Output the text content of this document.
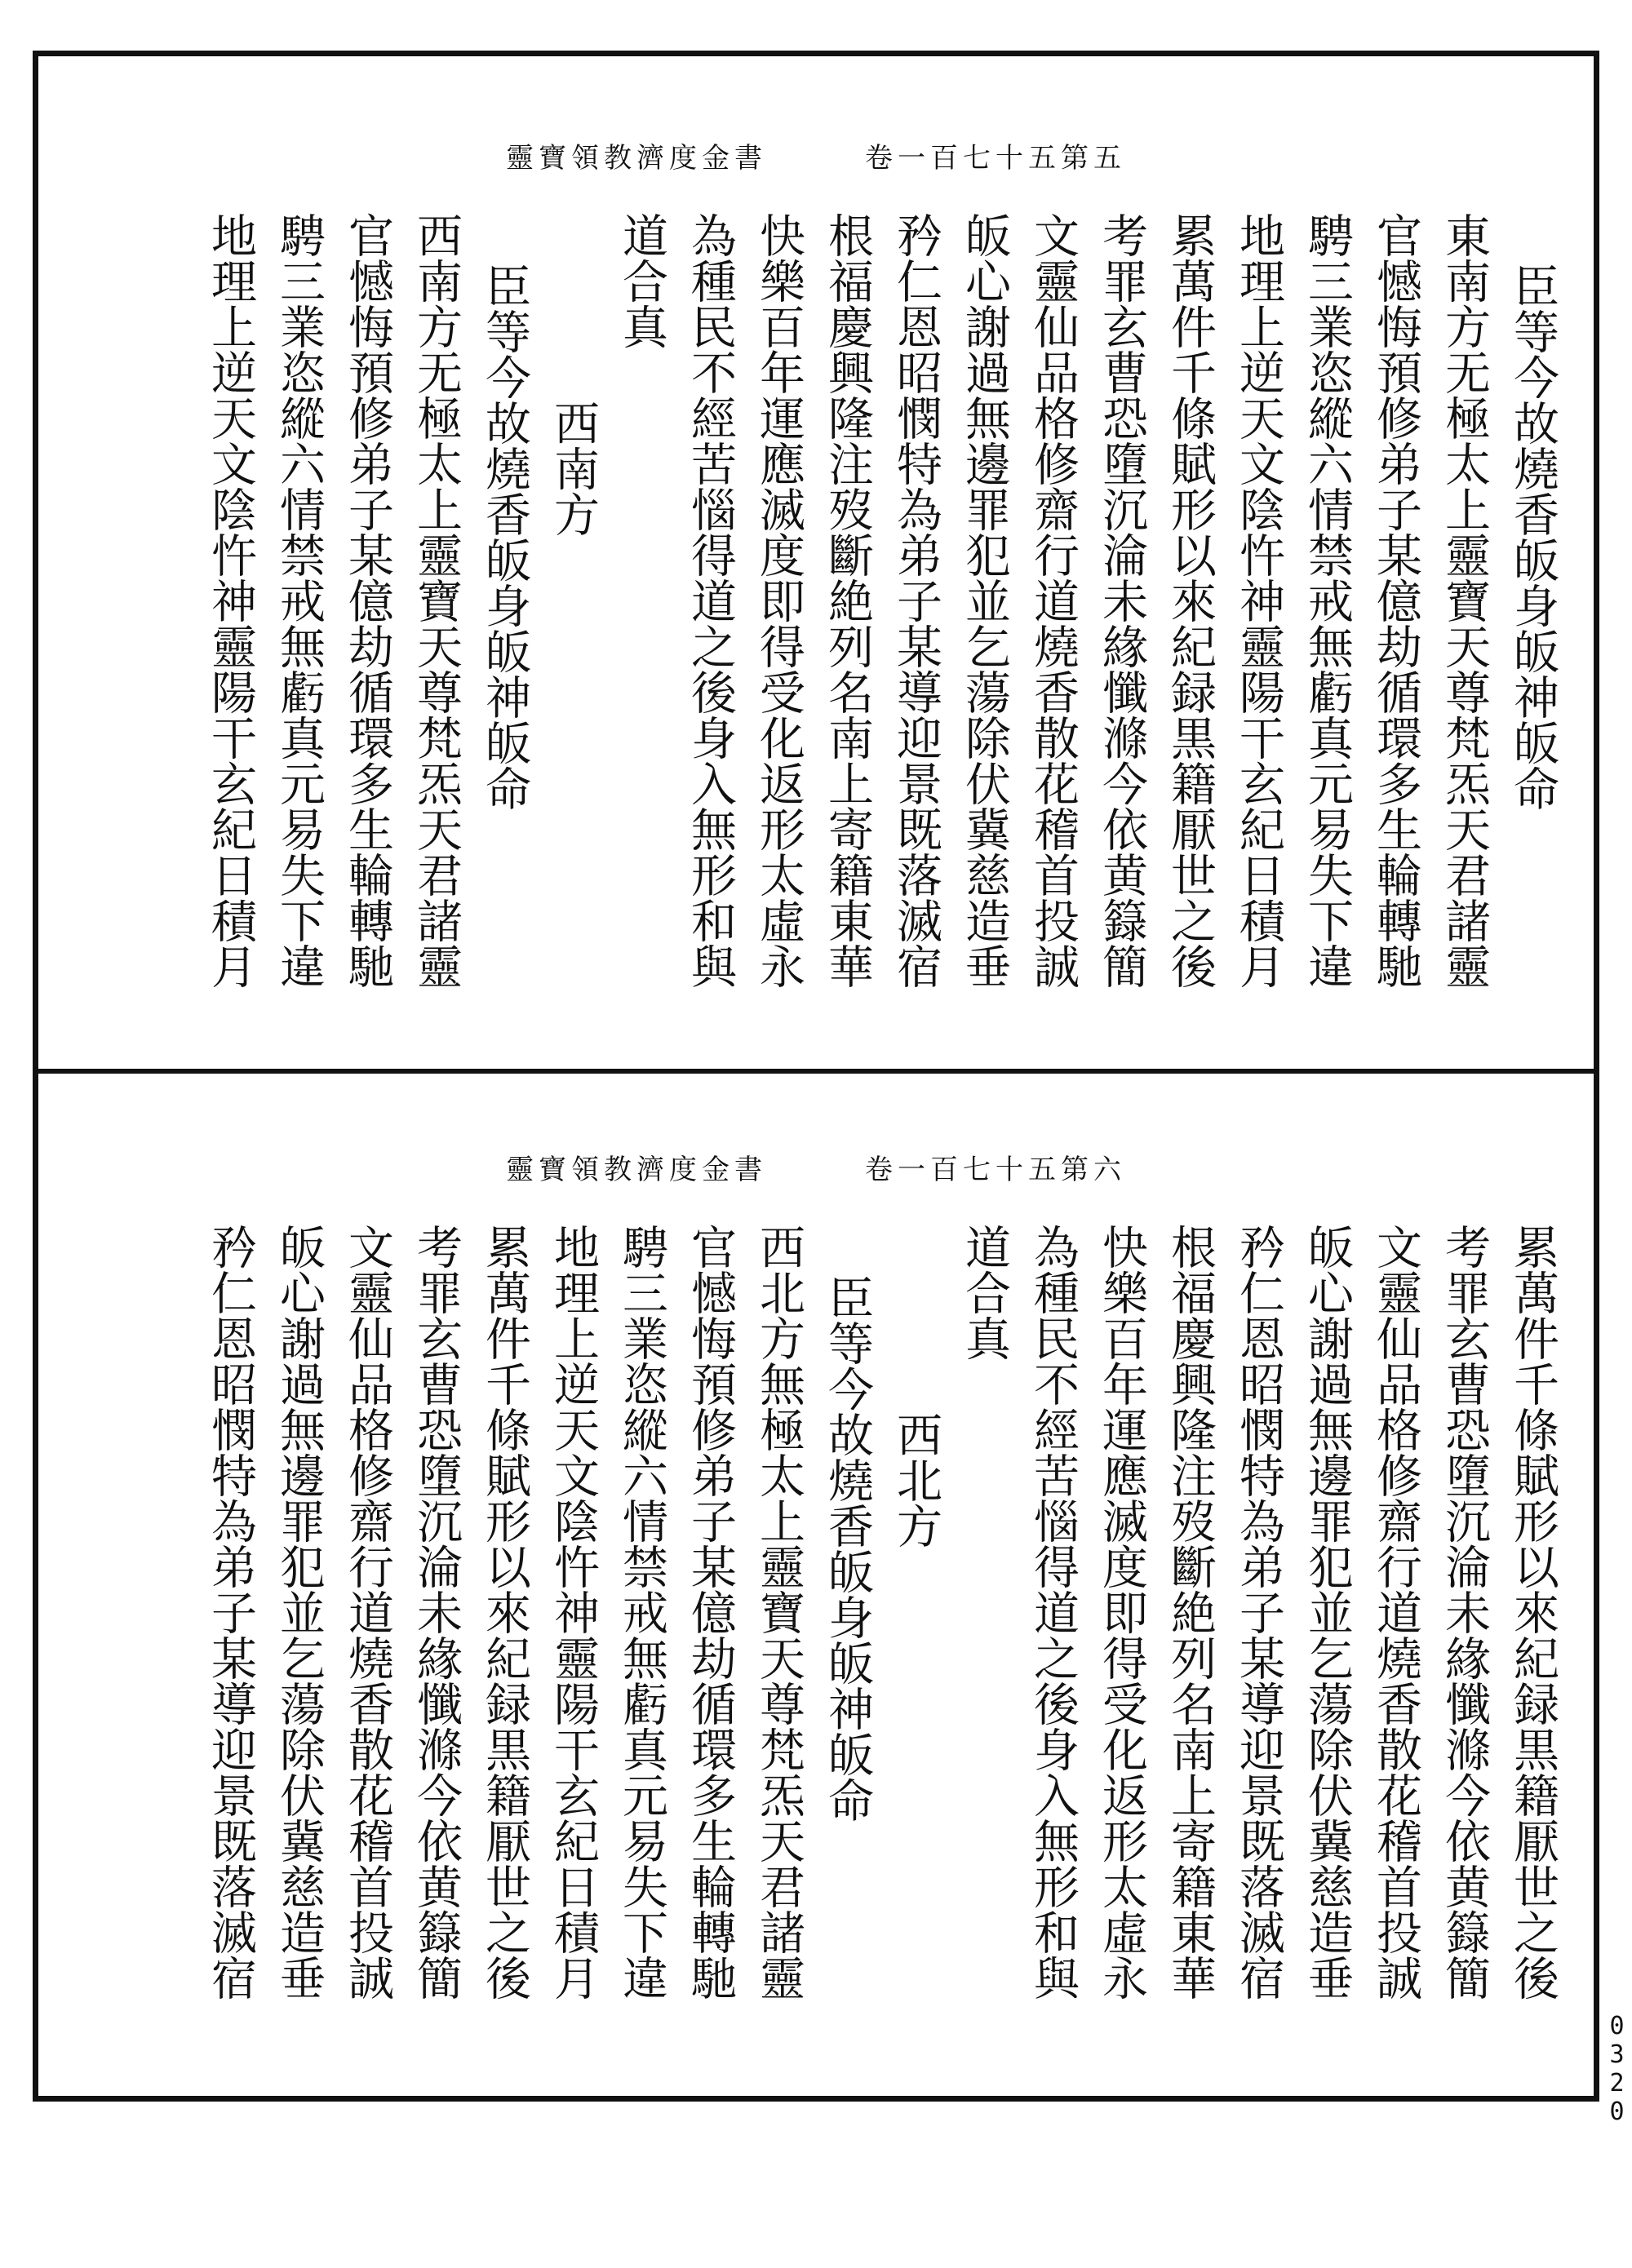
靈寶領教濟度金書	卷一百七十五第五
臣等今故燒香皈身皈神皈命
東南方无極太上靈寶天尊梵炁天君諸靈
官憾悔預修弟子某億劫循環多生輪轉馳
騁三業恣縱六情禁戒無虧真元易失下違
地理上逆天文陰忤神靈陽干玄紀日積月
累萬件千條賦形以來紀録黒籍厭世之後
考罪玄曹恐墮沉淪未緣懺滌今依黄籙簡
文靈仙品格修齋行道燒香散花稽首投誠
皈心謝過無邊罪犯並乞蕩除伏冀慈造垂
矜仁恩昭憫特為弟子某導迎景既落滅宿
根福慶興隆注歿斷絶列名南上寄籍東華
快樂百年運應滅度即得受化返形太虛永
為種民不經苦惱得道之後身入無形和與
道合真
西南方
臣等今故燒香皈身皈神皈命
西南方无極太上靈寶天尊梵炁天君諸靈
官憾悔預修弟子某億劫循環多生輪轉馳
騁三業恣縱六情禁戒無虧真元易失下違
地理上逆天文陰忤神靈陽干玄紀日積月
靈寶領教濟度金書	卷一百七十五第六
累萬件千條賦形以來紀録黒籍厭世之後
考罪玄曹恐墮沉淪未緣懺滌今依黄籙簡
文靈仙品格修齋行道燒香散花稽首投誠
皈心謝過無邊罪犯並乞蕩除伏冀慈造垂
矜仁恩昭憫特為弟子某導迎景既落滅宿
根福慶興隆注歿斷絶列名南上寄籍東華
快樂百年運應滅度即得受化返形太虛永
為種民不經苦惱得道之後身入無形和與
道合真
西北方
臣等今故燒香皈身皈神皈命
西北方無極太上靈寶天尊梵炁天君諸靈
官憾悔預修弟子某億劫循環多生輪轉馳
騁三業恣縱六情禁戒無虧真元易失下違
地理上逆天文陰忤神靈陽干玄紀日積月
累萬件千條賦形以來紀録黒籍厭世之後
考罪玄曹恐墮沉淪未緣懺滌今依黄籙簡
文靈仙品格修齋行道燒香散花稽首投誠
皈心謝過無邊罪犯並乞蕩除伏冀慈造垂
矜仁恩昭憫特為弟子某導迎景既落滅宿
0320
